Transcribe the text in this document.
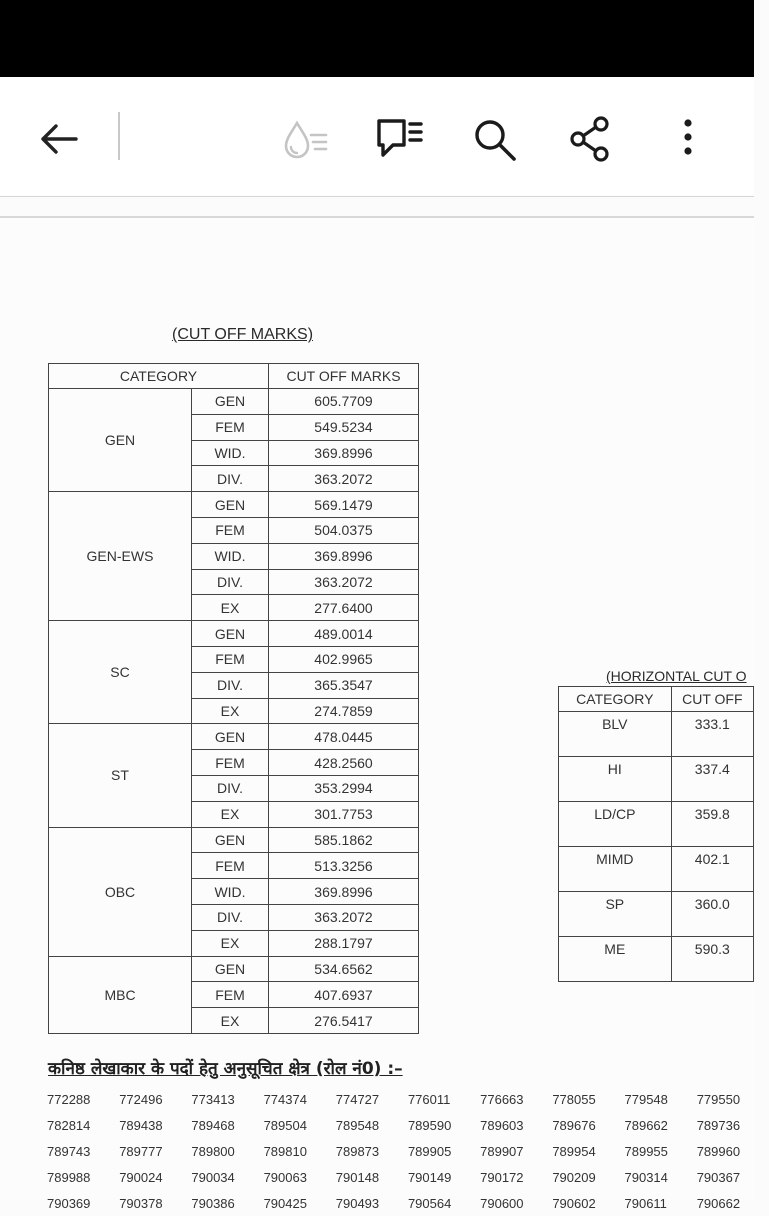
(CUT OFF MARKS)
CATEGORY		CUT OFF MARKS
GEN	GEN	605.7709
	FEM	549.5234
	WID.	369.8996
	DIV.	363.2072
GEN-EWS	GEN	569.1479
	FEM	504.0375
	WID.	369.8996
	DIV.	363.2072
	EX	277.6400
SC	GEN	489.0014
	FEM	402.9965
	DIV.	365.3547
	EX	274.7859
ST	GEN	478.0445
	FEM	428.2560
	DIV.	353.2994
	EX	301.7753
OBC	GEN	585.1862
	FEM	513.3256
	WID.	369.8996
	DIV.	363.2072
	EX	288.1797
MBC	GEN	534.6562
	FEM	407.6937
	EX	276.5417
(HORIZONTAL CUT O
CATEGORY	CUT OFF
BLV	333.1
HI	337.4
LD/CP	359.8
MIMD	402.1
SP	360.0
ME	590.3
कनिष्ठ लेखाकार के पदों हेतु अनुसूचित क्षेत्र (रोल नं0) :–
772288	772496	773413	774374	774727	776011	776663	778055	779548	779550
782814	789438	789468	789504	789548	789590	789603	789676	789662	789736
789743	789777	789800	789810	789873	789905	789907	789954	789955	789960
789988	790024	790034	790063	790148	790149	790172	790209	790314	790367
790369	790378	790386	790425	790493	790564	790600	790602	790611	790662
